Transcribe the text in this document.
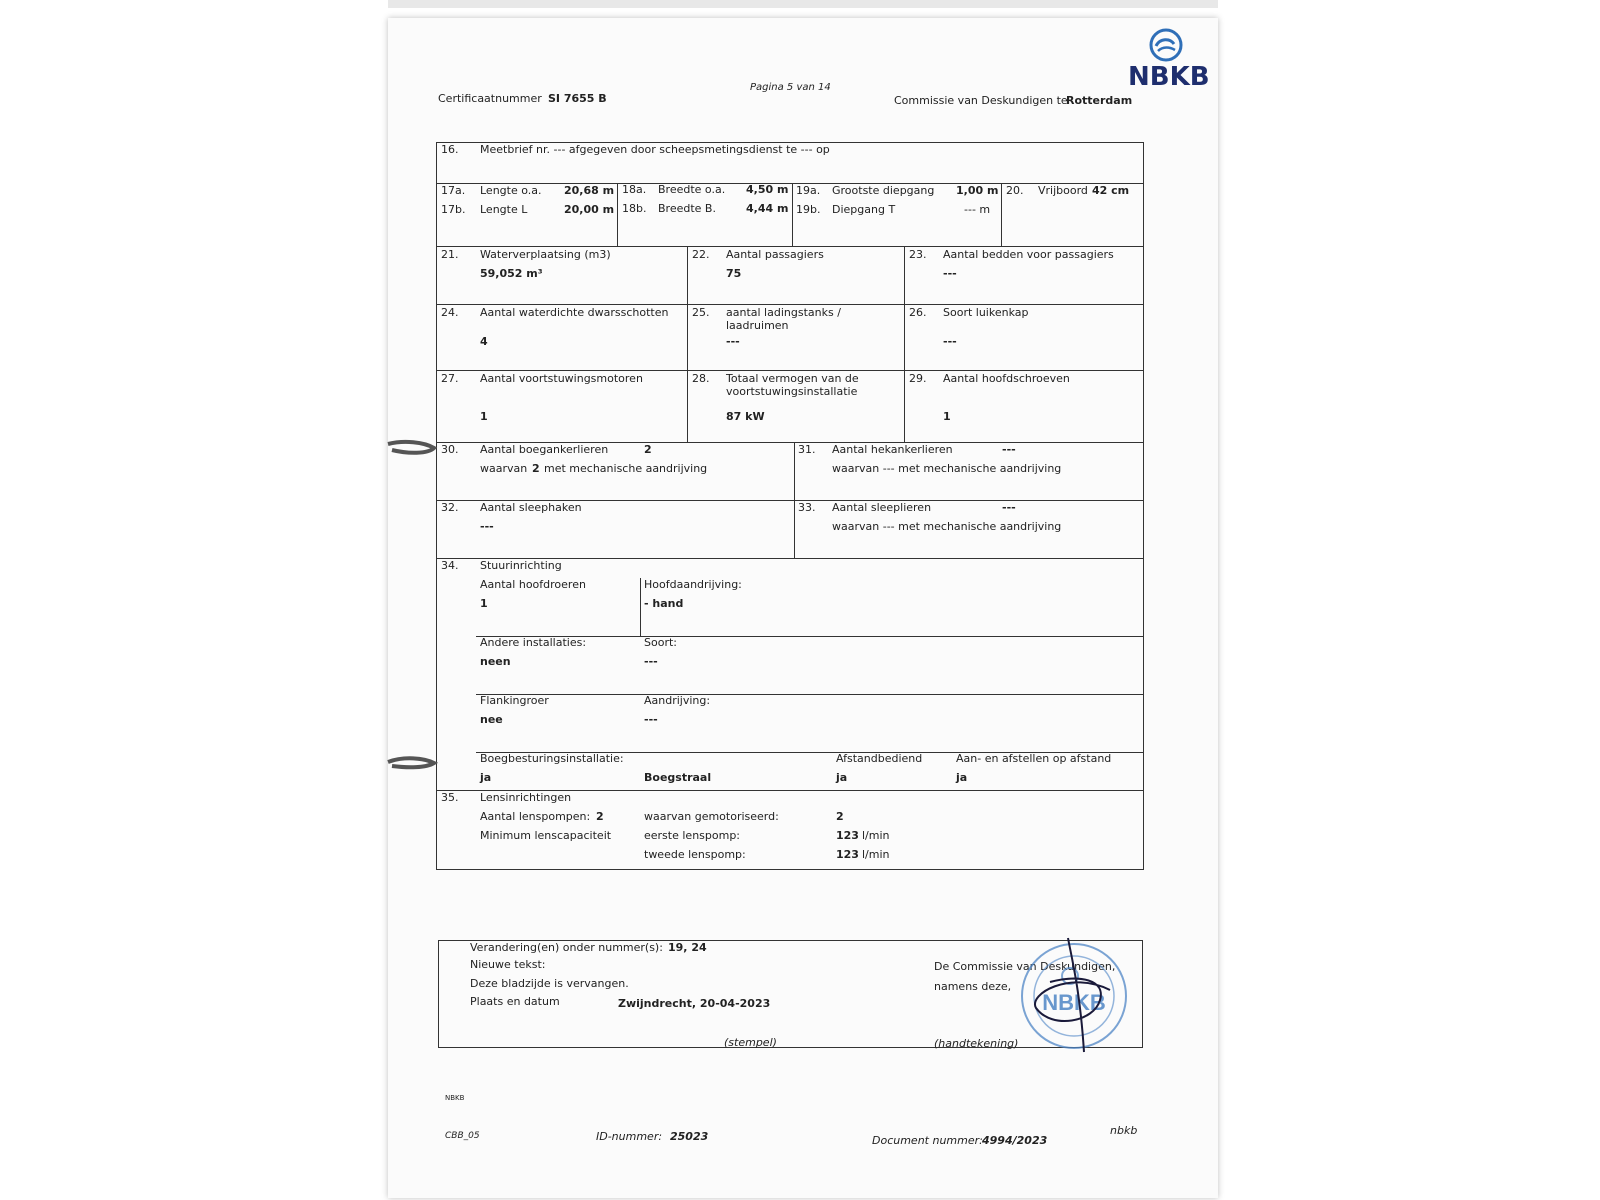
NBKB
Certificaatnummer SI 7655 B
Pagina 5 van 14
Commissie van Deskundigen te
Rotterdam
16. Meetbrief nr. --- afgegeven door scheepsmetingsdienst te --- op
17a. Lengte o.a. 20,68 m
17b. Lengte L	20,00 m
18a. Breedte o.a. 4,50 m
18b. Breedte B.	4,44 m
19a. Grootste diepgang 1,00 m
19b. Diepgang T	--- m
20. Vrijboord 42 cm
21. Waterverplaatsing (m3)
59,052 m³
22. Aantal passagiers
75
23. Aantal bedden voor passagiers
---
24. Aantal waterdichte dwarsschotten
4
25. aantal ladingstanks /
laadruimen
---
26. Soort luikenkap
---
27. Aantal voortstuwingsmotoren
1
28. Totaal vermogen van de
voortstuwingsinstallatie
87 kW
29. Aantal hoofdschroeven
1
30. Aantal boegankerlieren	2
waarvan 2 met mechanische aandrijving
31. Aantal hekankerlieren	---
waarvan --- met mechanische aandrijving
32. Aantal sleephaken
---
33. Aantal sleeplieren	---
waarvan --- met mechanische aandrijving
34. Stuurinrichting
Aantal hoofdroeren
1
Hoofdaandrijving:
- hand
Andere installaties:
neen
Soort:
---
Flankingroer
nee
Aandrijving:
---
Boegbesturingsinstallatie:
ja	Boegstraal
Afstandbediend
ja
Aan- en afstellen op afstand
ja
35. Lensinrichtingen
Aantal lenspompen: 2	waarvan gemotoriseerd:	2
Minimum lenscapaciteit	eerste lenspomp:	123 l/min
tweede lenspomp:	123 l/min
Verandering(en) onder nummer(s): 19, 24
Nieuwe tekst:
Deze bladzijde is vervangen.
Plaats en datum	Zwijndrecht, 20-04-2023
(stempel)
De Commissie van Deskundigen,
namens deze,
(handtekening)
NBKB
NBKB
CBB_05	ID-nummer: 25023	Document nummer: 4994/2023
nbkb
